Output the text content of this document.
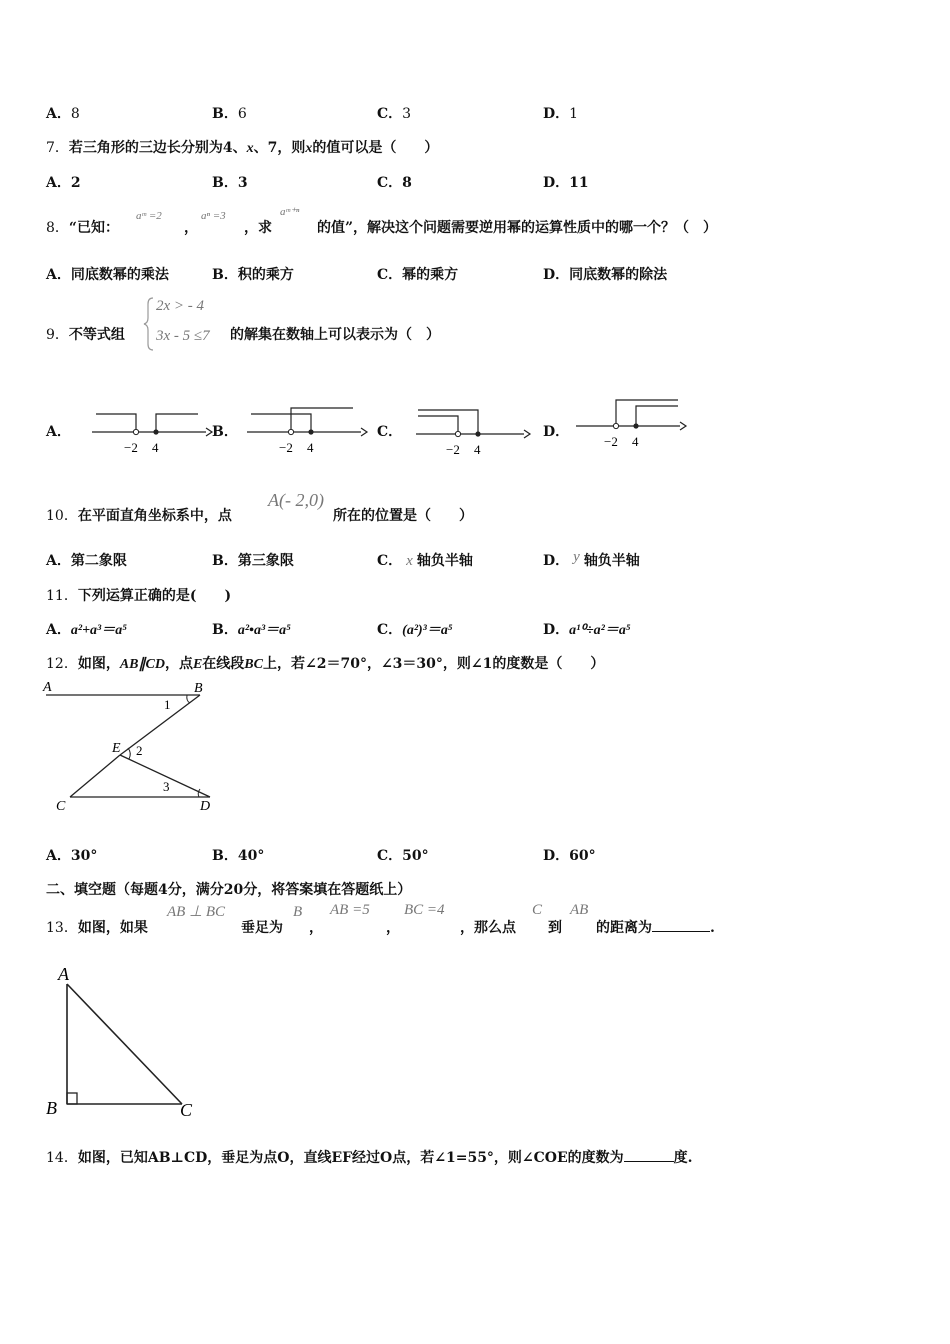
A．8	B．6	C．3	D．1
7．若三角形的三边长分别为4、x、7，则x的值可以是（　　）
A．2	B．3	C．8	D．11
8．“已知：
aᵐ =2
，
aⁿ =3
，求
aᵐ⁺ⁿ
的值”，解决这个问题需要逆用幂的运算性质中的哪一个？（　）
A．同底数幂的乘法	B．积的乘方	C．幂的乘方	D．同底数幂的除法
9．不等式组
2x > - 4
3x - 5 ≤7 的解集在数轴上可以表示为（　）
A．	B．	C．	D．
−2 4	−2 4	−2 4
−2 4
10．在平面直角坐标系中，点
A(- 2,0)
所在的位置是（　　）
A．第二象限	B．第三象限	C． x 轴负半轴	D． y 轴负半轴
11．下列运算正确的是(　　)
A．a²+a³＝a⁵	B．a²•a³＝a⁵	C．(a²)³＝a⁵	D．a¹⁰÷a²＝a⁵
12．如图，AB∥CD，点E在线段BC上，若∠2＝70°，∠3＝30°，则∠1的度数是（　　）
A	B
1
E 2
3
C	D
A．30°	B．40°	C．50°	D．60°
二、填空题（每题4分，满分20分，将答案填在答题纸上）
13．如图，如果
AB ⊥ BC
垂足为
B
，
AB =5
，
BC =4
，那么点
C
到
AB
的距离为	.
A
B	C
14．如图，已知AB⊥CD，垂足为点O，直线EF经过O点，若∠1=55°，则∠COE的度数为	度.
